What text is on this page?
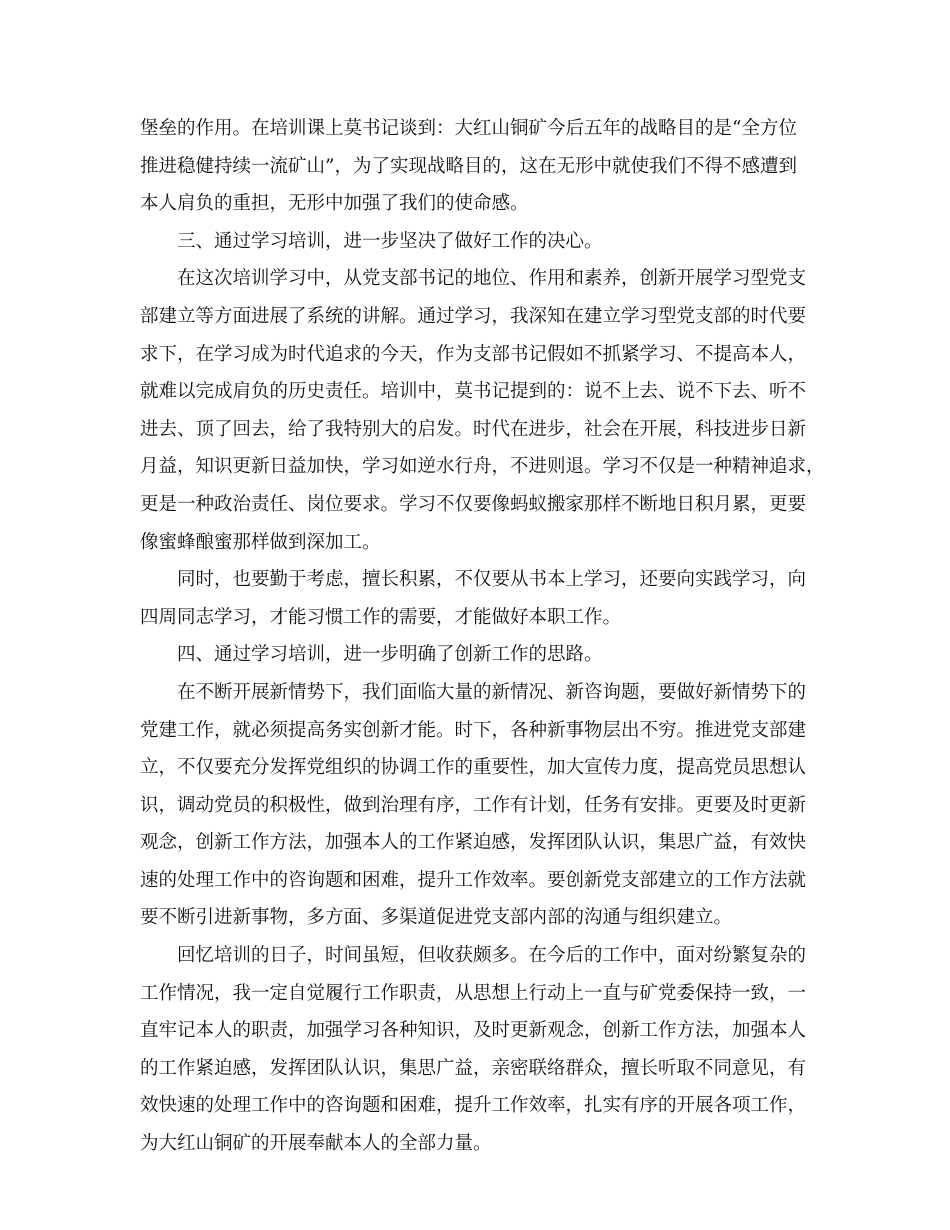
堡垒的作用。在培训课上莫书记谈到：大红山铜矿今后五年的战略目的是“全方位
推进稳健持续一流矿山”，为了实现战略目的，这在无形中就使我们不得不感遭到
本人肩负的重担，无形中加强了我们的使命感。
三、通过学习培训，进一步坚决了做好工作的决心。
在这次培训学习中，从党支部书记的地位、作用和素养，创新开展学习型党支
部建立等方面进展了系统的讲解。通过学习，我深知在建立学习型党支部的时代要
求下，在学习成为时代追求的今天，作为支部书记假如不抓紧学习、不提高本人，
就难以完成肩负的历史责任。培训中，莫书记提到的：说不上去、说不下去、听不
进去、顶了回去，给了我特别大的启发。时代在进步，社会在开展，科技进步日新
月益，知识更新日益加快，学习如逆水行舟，不进则退。学习不仅是一种精神追求，
更是一种政治责任、岗位要求。学习不仅要像蚂蚁搬家那样不断地日积月累，更要
像蜜蜂酿蜜那样做到深加工。
同时，也要勤于考虑，擅长积累，不仅要从书本上学习，还要向实践学习，向
四周同志学习，才能习惯工作的需要，才能做好本职工作。
四、通过学习培训，进一步明确了创新工作的思路。
在不断开展新情势下，我们面临大量的新情况、新咨询题，要做好新情势下的
党建工作，就必须提高务实创新才能。时下，各种新事物层出不穷。推进党支部建
立，不仅要充分发挥党组织的协调工作的重要性，加大宣传力度，提高党员思想认
识，调动党员的积极性，做到治理有序，工作有计划，任务有安排。更要及时更新
观念，创新工作方法，加强本人的工作紧迫感，发挥团队认识，集思广益，有效快
速的处理工作中的咨询题和困难，提升工作效率。要创新党支部建立的工作方法就
要不断引进新事物，多方面、多渠道促进党支部内部的沟通与组织建立。
回忆培训的日子，时间虽短，但收获颇多。在今后的工作中，面对纷繁复杂的
工作情况，我一定自觉履行工作职责，从思想上行动上一直与矿党委保持一致，一
直牢记本人的职责，加强学习各种知识，及时更新观念，创新工作方法，加强本人
的工作紧迫感，发挥团队认识，集思广益，亲密联络群众，擅长听取不同意见，有
效快速的处理工作中的咨询题和困难，提升工作效率，扎实有序的开展各项工作，
为大红山铜矿的开展奉献本人的全部力量。
